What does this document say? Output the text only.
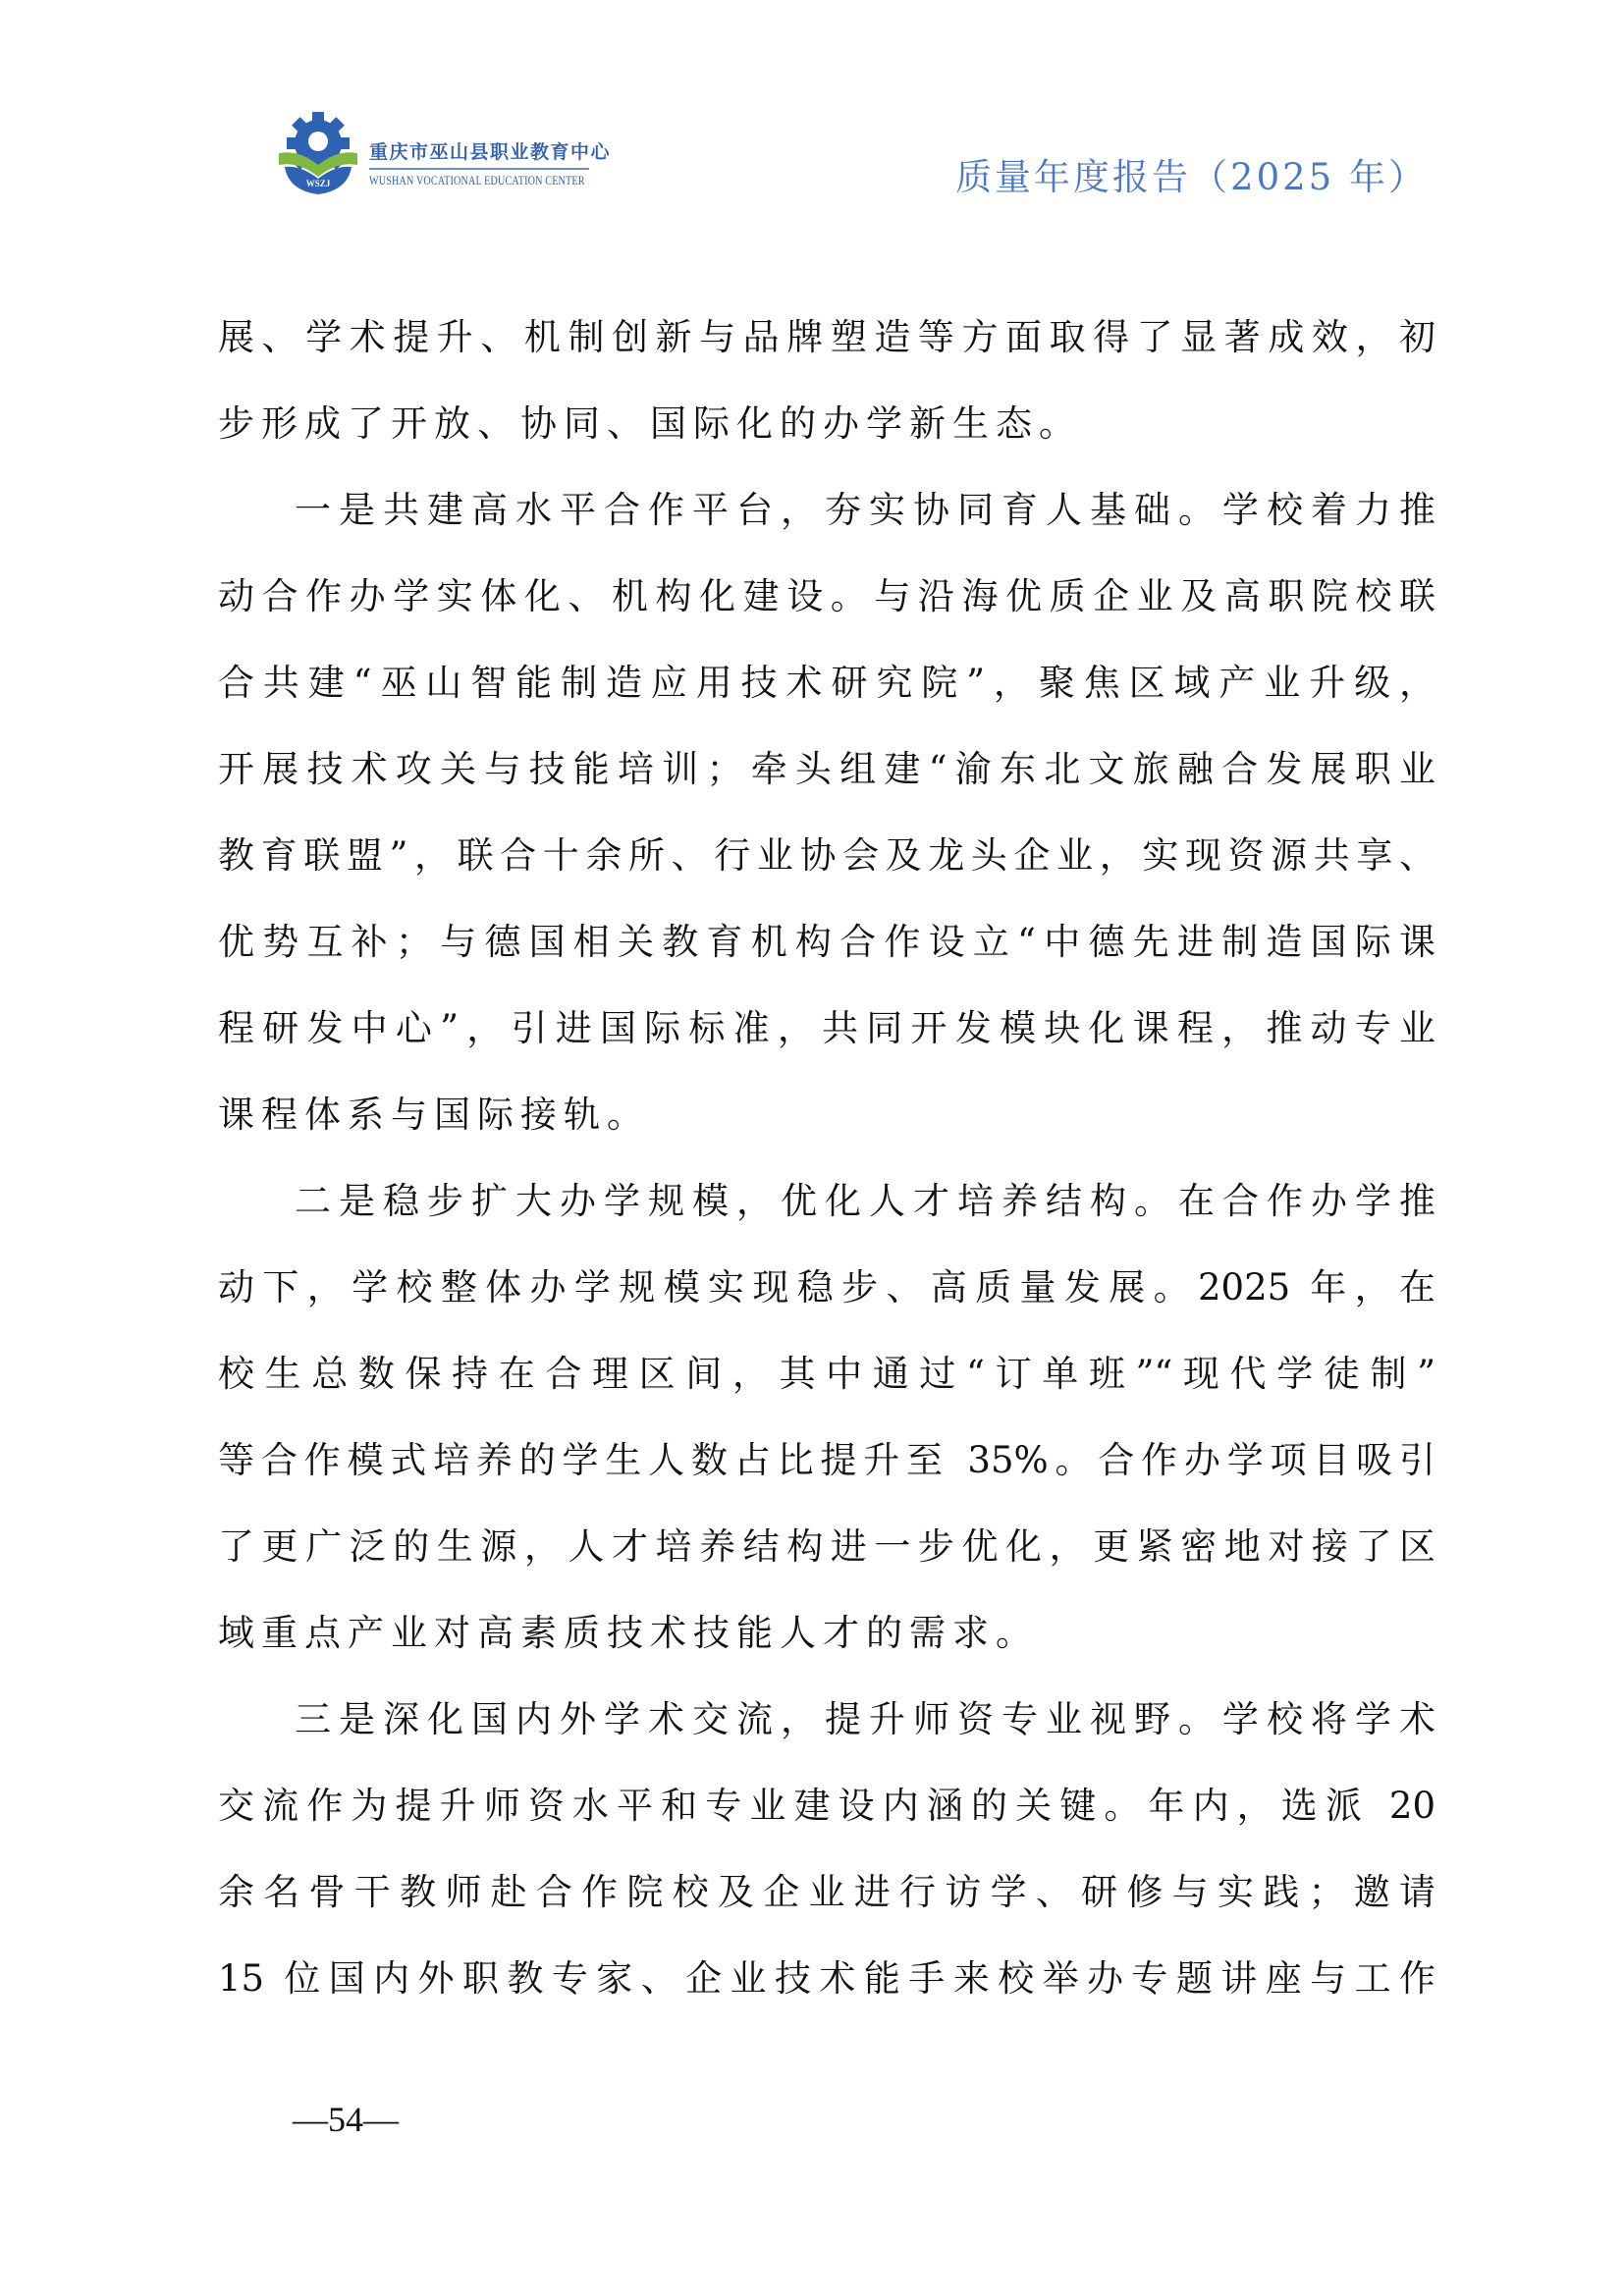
WSZJ
重庆市巫山县职业教育中心
WUSHAN VOCATIONAL EDUCATION CENTER	质量年度报告（2025 年）
展、学术提升、机制创新与品牌塑造等方面取得了显著成效，初
步形成了开放、协同、国际化的办学新生态。
一是共建高水平合作平台，夯实协同育人基础。学校着力推
动合作办学实体化、机构化建设。与沿海优质企业及高职院校联
合共建“巫山智能制造应用技术研究院”，聚焦区域产业升级，
开展技术攻关与技能培训；牵头组建“渝东北文旅融合发展职业
教育联盟”，联合十余所、行业协会及龙头企业，实现资源共享、
优势互补；与德国相关教育机构合作设立“中德先进制造国际课
程研发中心”，引进国际标准，共同开发模块化课程，推动专业
课程体系与国际接轨。
二是稳步扩大办学规模，优化人才培养结构。在合作办学推
动下，学校整体办学规模实现稳步、高质量发展。2025 年，在
校生总数保持在合理区间，其中通过“订单班”“现代学徒制”
等合作模式培养的学生人数占比提升至 35%。合作办学项目吸引
了更广泛的生源，人才培养结构进一步优化，更紧密地对接了区
域重点产业对高素质技术技能人才的需求。
三是深化国内外学术交流，提升师资专业视野。学校将学术
交流作为提升师资水平和专业建设内涵的关键。年内，选派 20
余名骨干教师赴合作院校及企业进行访学、研修与实践；邀请
15 位国内外职教专家、企业技术能手来校举办专题讲座与工作
—54—
